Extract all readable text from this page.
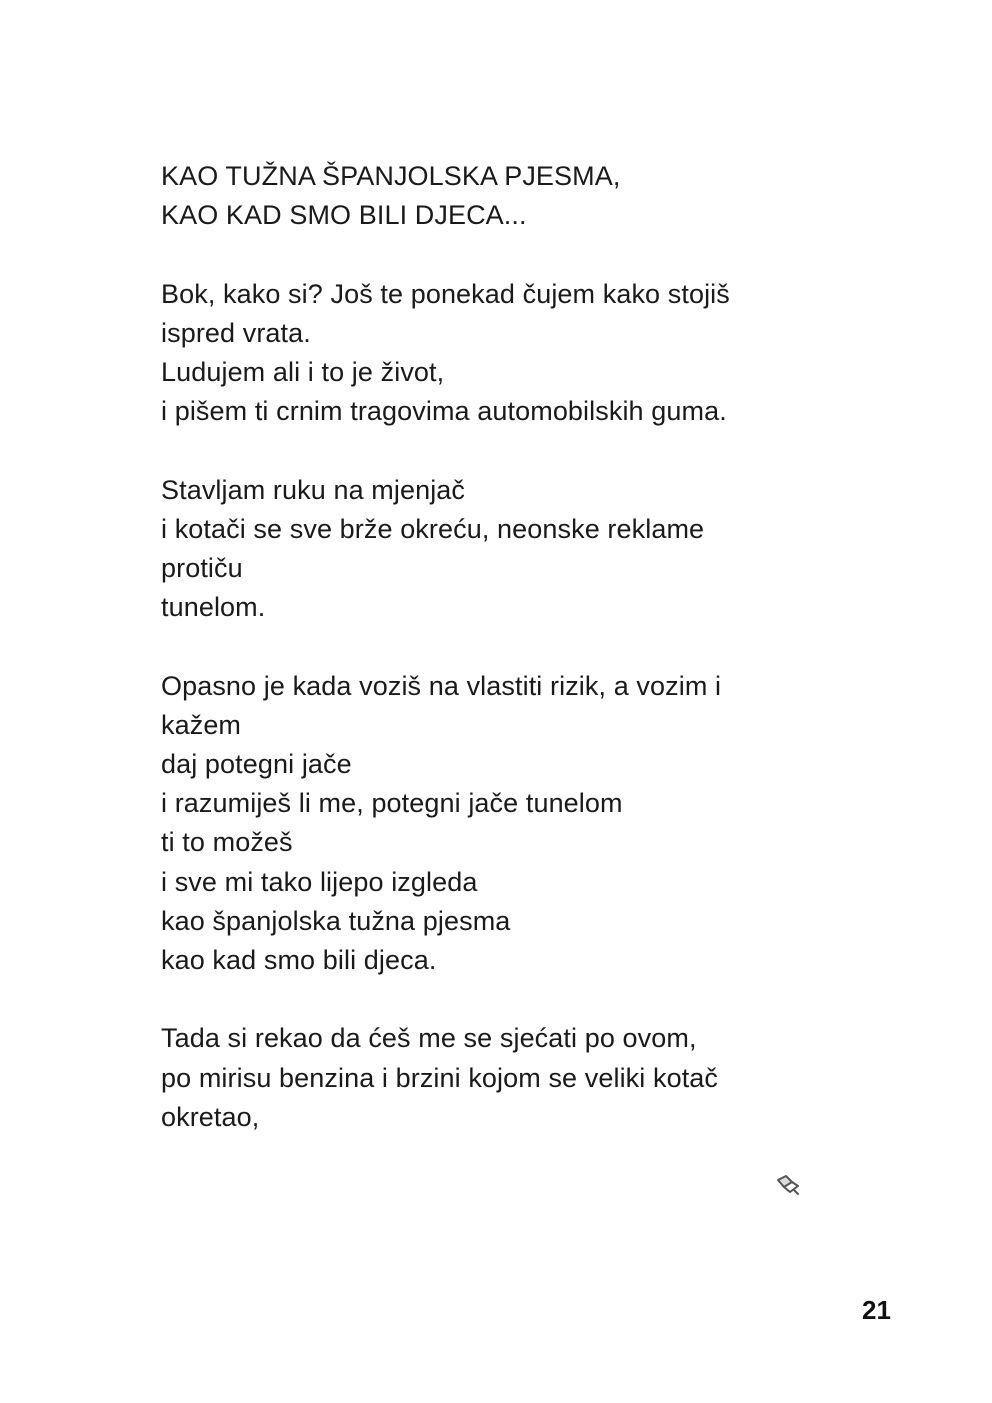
KAO TUŽNA ŠPANJOLSKA PJESMA,
KAO KAD SMO BILI DJECA...
Bok, kako si? Još te ponekad čujem kako stojiš
ispred vrata.
Ludujem ali i to je život,
i pišem ti crnim tragovima automobilskih guma.
Stavljam ruku na mjenjač
i kotači se sve brže okreću, neonske reklame
protiču
tunelom.
Opasno je kada voziš na vlastiti rizik, a vozim i
kažem
daj potegni jače
i razumiješ li me, potegni jače tunelom
ti to možeš
i sve mi tako lijepo izgleda
kao španjolska tužna pjesma
kao kad smo bili djeca.
Tada si rekao da ćeš me se sjećati po ovom,
po mirisu benzina i brzini kojom se veliki kotač
okretao,
21
